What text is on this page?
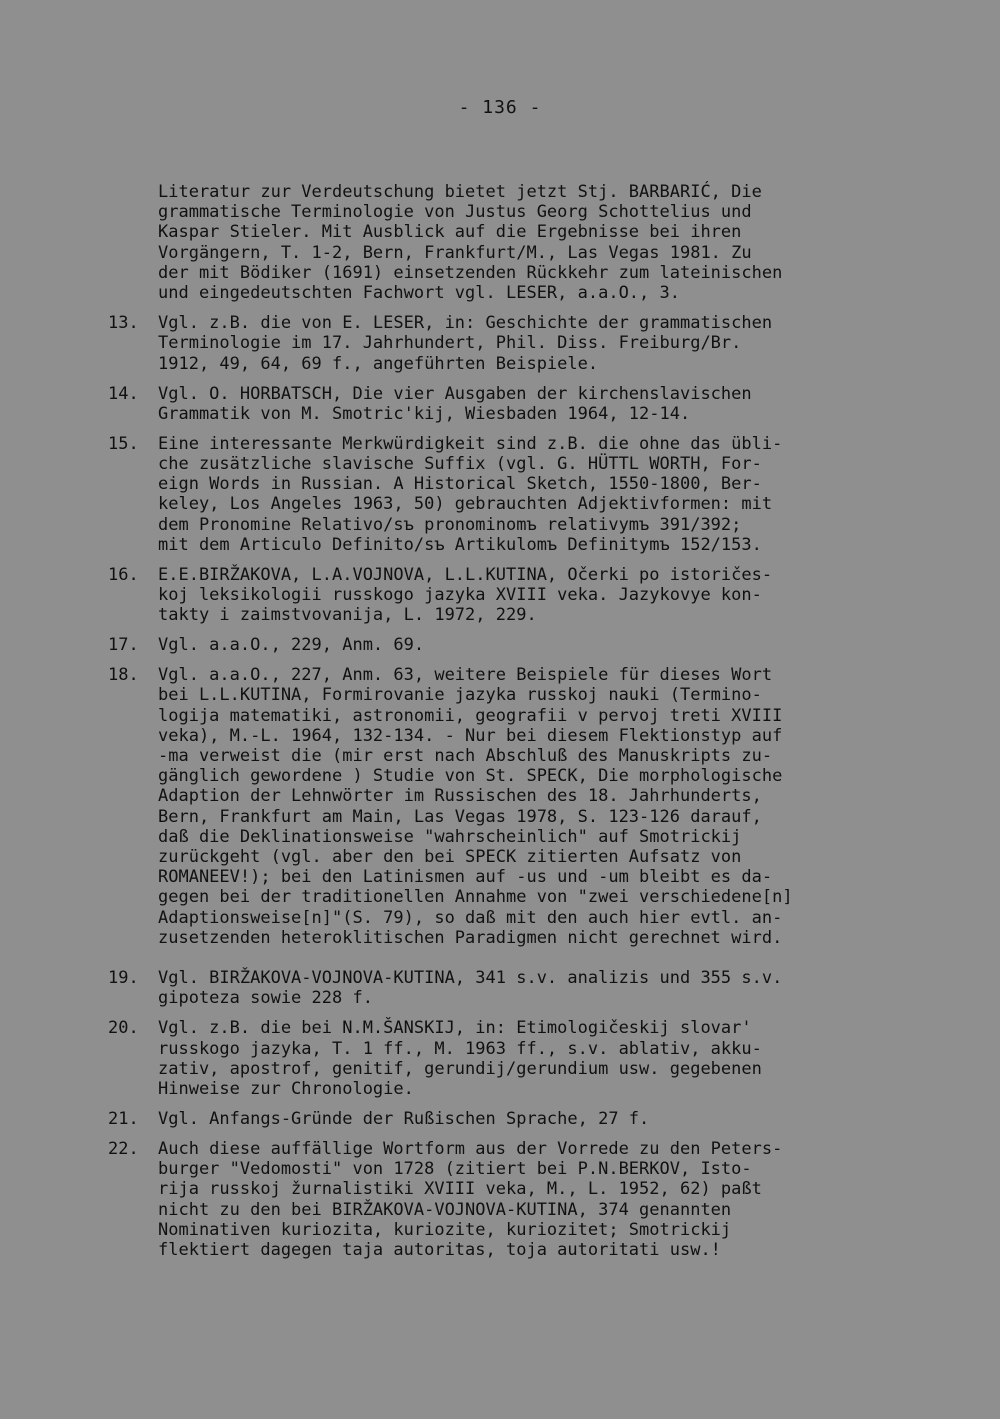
- 136 -
Literatur zur Verdeutschung bietet jetzt Stj. BARBARIĆ, Die
grammatische Terminologie von Justus Georg Schottelius und
Kaspar Stieler. Mit Ausblick auf die Ergebnisse bei ihren
Vorgängern, T. 1-2, Bern, Frankfurt/M., Las Vegas 1981. Zu
der mit Bödiker (1691) einsetzenden Rückkehr zum lateinischen
und eingedeutschten Fachwort vgl. LESER, a.a.O., 3.
13. Vgl. z.B. die von E. LESER, in: Geschichte der grammatischen
Terminologie im 17. Jahrhundert, Phil. Diss. Freiburg/Br.
1912, 49, 64, 69 f., angeführten Beispiele.
14. Vgl. O. HORBATSCH, Die vier Ausgaben der kirchenslavischen
Grammatik von M. Smotric'kij, Wiesbaden 1964, 12-14.
15. Eine interessante Merkwürdigkeit sind z.B. die ohne das übli-
che zusätzliche slavische Suffix (vgl. G. HÜTTL WORTH, For-
eign Words in Russian. A Historical Sketch, 1550-1800, Ber-
keley, Los Angeles 1963, 50) gebrauchten Adjektivformen: mit
dem Pronomine Relativo/sъ pronominomъ relativymъ 391/392;
mit dem Articulo Definito/sъ Artikulomъ Definitymъ 152/153.
16. E.E.BIRŽAKOVA, L.A.VOJNOVA, L.L.KUTINA, Očerki po istoričes-
koj leksikologii russkogo jazyka XVIII veka. Jazykovye kon-
takty i zaimstvovanija, L. 1972, 229.
17. Vgl. a.a.O., 229, Anm. 69.
18. Vgl. a.a.O., 227, Anm. 63, weitere Beispiele für dieses Wort
bei L.L.KUTINA, Formirovanie jazyka russkoj nauki (Termino-
logija matematiki, astronomii, geografii v pervoj treti XVIII
veka), M.-L. 1964, 132-134. - Nur bei diesem Flektionstyp auf
-ma verweist die (mir erst nach Abschluß des Manuskripts zu-
gänglich gewordene ) Studie von St. SPECK, Die morphologische
Adaption der Lehnwörter im Russischen des 18. Jahrhunderts,
Bern, Frankfurt am Main, Las Vegas 1978, S. 123-126 darauf,
daß die Deklinationsweise "wahrscheinlich" auf Smotrickij
zurückgeht (vgl. aber den bei SPECK zitierten Aufsatz von
ROMANEEV!); bei den Latinismen auf -us und -um bleibt es da-
gegen bei der traditionellen Annahme von "zwei verschiedene[n]
Adaptionsweise[n]"(S. 79), so daß mit den auch hier evtl. an-
zusetzenden heteroklitischen Paradigmen nicht gerechnet wird.
19. Vgl. BIRŽAKOVA-VOJNOVA-KUTINA, 341 s.v. analizis und 355 s.v.
gipoteza sowie 228 f.
20. Vgl. z.B. die bei N.M.ŠANSKIJ, in: Etimologičeskij slovar'
russkogo jazyka, T. 1 ff., M. 1963 ff., s.v. ablativ, akku-
zativ, apostrof, genitif, gerundij/gerundium usw. gegebenen
Hinweise zur Chronologie.
21. Vgl. Anfangs-Gründe der Rußischen Sprache, 27 f.
22. Auch diese auffällige Wortform aus der Vorrede zu den Peters-
burger "Vedomosti" von 1728 (zitiert bei P.N.BERKOV, Isto-
rija russkoj žurnalistiki XVIII veka, M., L. 1952, 62) paßt
nicht zu den bei BIRŽAKOVA-VOJNOVA-KUTINA, 374 genannten
Nominativen kuriozita, kuriozite, kuriozitet; Smotrickij
flektiert dagegen taja autoritas, toja autoritati usw.!
